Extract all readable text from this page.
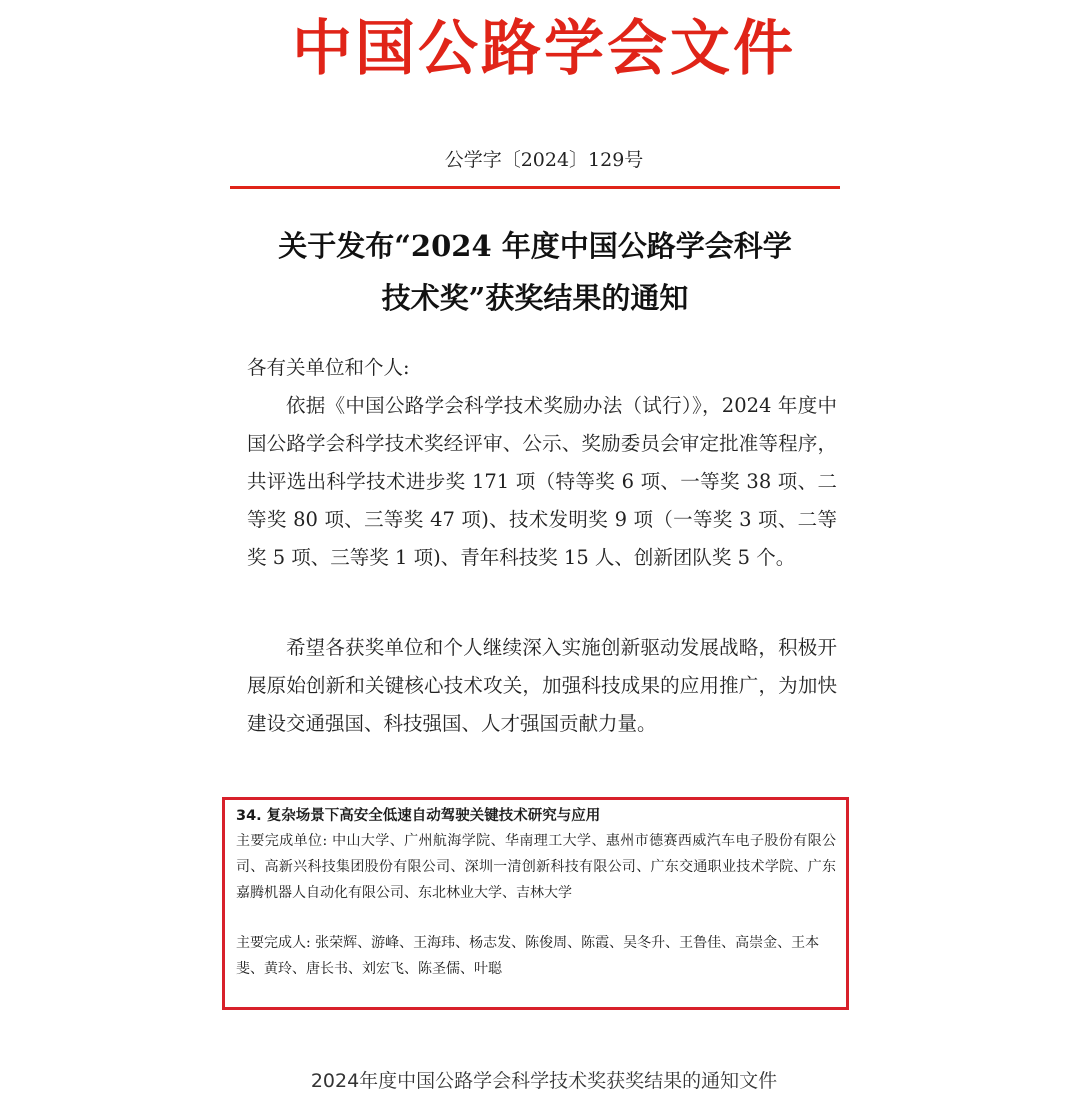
中国公路学会文件
公学字〔2024〕129号
关于发布“2024 年度中国公路学会科学
技术奖”获奖结果的通知
各有关单位和个人:
依据《中国公路学会科学技术奖励办法（试行）》，2024 年度中国公路学会科学技术奖经评审、公示、奖励委员会审定批准等程序，共评选出科学技术进步奖 171 项（特等奖 6 项、一等奖 38 项、二等奖 80 项、三等奖 47 项)、技术发明奖 9 项（一等奖 3 项、二等奖 5 项、三等奖 1 项)、青年科技奖 15 人、创新团队奖 5 个。
希望各获奖单位和个人继续深入实施创新驱动发展战略，积极开展原始创新和关键核心技术攻关，加强科技成果的应用推广，为加快建设交通强国、科技强国、人才强国贡献力量。
34. 复杂场景下高安全低速自动驾驶关键技术研究与应用
主要完成单位: 中山大学、广州航海学院、华南理工大学、惠州市德赛西威汽车电子股份有限公司、高新兴科技集团股份有限公司、深圳一清创新科技有限公司、广东交通职业技术学院、广东嘉腾机器人自动化有限公司、东北林业大学、吉林大学
主要完成人: 张荣辉、游峰、王海玮、杨志发、陈俊周、陈霞、吴冬升、王鲁佳、高崇金、王本斐、黄玲、唐长书、刘宏飞、陈圣儒、叶聪
2024年度中国公路学会科学技术奖获奖结果的通知文件
